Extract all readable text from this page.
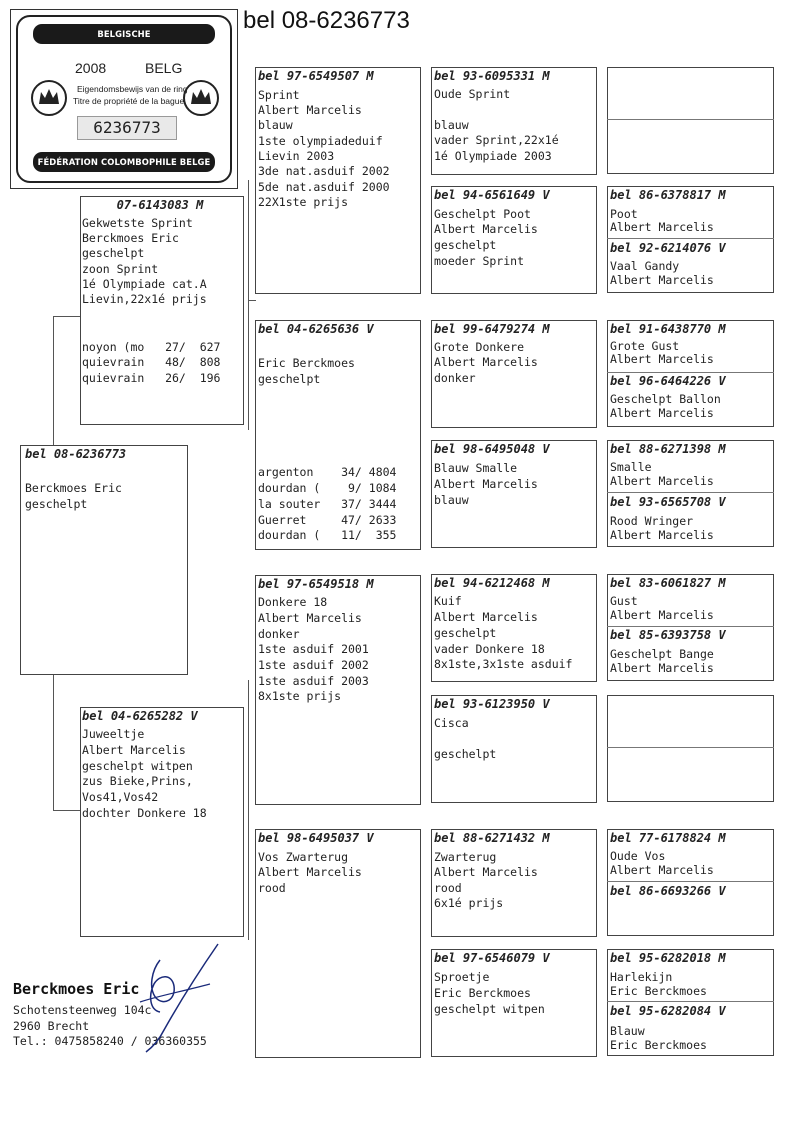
BELGISCHE DUIVENLIEFHEBBERSBOND
2008	BELG
Eigendomsbewijs van de ring
Titre de propriété de la bague
6236773
FÉDÉRATION COLOMBOPHILE BELGE
bel 08-6236773
bel 08-6236773
Berckmoes Eric
geschelpt
07-6143083 M
Gekwetste Sprint
Berckmoes Eric
geschelpt
zoon Sprint
1é Olympiade cat.A
Lievin,22x1é prijs
noyon (mo   27/  627
quievrain   48/  808
quievrain   26/  196
bel 04-6265282 V
Juweeltje
Albert Marcelis
geschelpt witpen
zus Bieke,Prins,
Vos41,Vos42
dochter Donkere 18
bel 97-6549507 M
Sprint
Albert Marcelis
blauw
1ste olympiadeduif
Lievin 2003
3de nat.asduif 2002
5de nat.asduif 2000
22X1ste prijs
bel 04-6265636 V
Eric Berckmoes
geschelpt
argenton    34/ 4804
dourdan (    9/ 1084
la souter   37/ 3444
Guerret     47/ 2633
dourdan (   11/  355
bel 97-6549518 M
Donkere 18
Albert Marcelis
donker
1ste asduif 2001
1ste asduif 2002
1ste asduif 2003
8x1ste prijs
bel 98-6495037 V
Vos Zwarterug
Albert Marcelis
rood
bel 93-6095331 M
Oude Sprint
blauw
vader Sprint,22x1é
1é Olympiade 2003
bel 94-6561649 V
Geschelpt Poot
Albert Marcelis
geschelpt
moeder Sprint
bel 99-6479274 M
Grote Donkere
Albert Marcelis
donker
bel 98-6495048 V
Blauw Smalle
Albert Marcelis
blauw
bel 94-6212468 M
Kuif
Albert Marcelis
geschelpt
vader Donkere 18
8x1ste,3x1ste asduif
bel 93-6123950 V
Cisca
geschelpt
bel 88-6271432 M
Zwarterug
Albert Marcelis
rood
6x1é prijs
bel 97-6546079 V
Sproetje
Eric Berckmoes
geschelpt witpen
bel 86-6378817 M
Poot
Albert Marcelis
bel 92-6214076 V
Vaal Gandy
Albert Marcelis
bel 91-6438770 M
Grote Gust
Albert Marcelis
bel 96-6464226 V
Geschelpt Ballon
Albert Marcelis
bel 88-6271398 M
Smalle
Albert Marcelis
bel 93-6565708 V
Rood Wringer
Albert Marcelis
bel 83-6061827 M
Gust
Albert Marcelis
bel 85-6393758 V
Geschelpt Bange
Albert Marcelis
bel 77-6178824 M
Oude Vos
Albert Marcelis
bel 86-6693266 V
bel 95-6282018 M
Harlekijn
Eric Berckmoes
bel 95-6282084 V
Blauw
Eric Berckmoes
Berckmoes Eric
Schotensteenweg 104c
2960 Brecht
Tel.: 0475858240 / 036360355
